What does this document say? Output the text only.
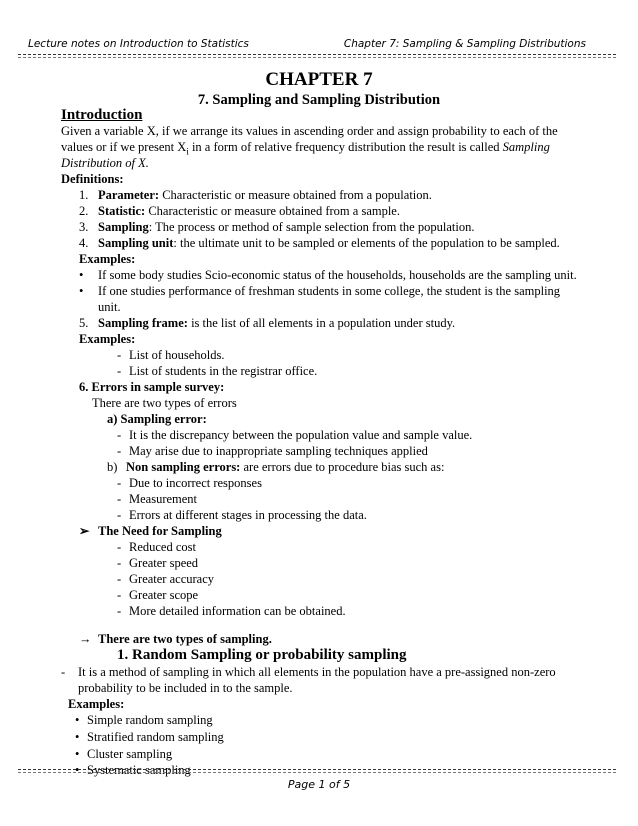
Lecture notes on Introduction to Statistics	Chapter 7: Sampling & Sampling Distributions
CHAPTER 7
7. Sampling and Sampling Distribution
Introduction
Given a variable X, if we arrange its values in ascending order and assign probability to each of the
values or if we present $X_i$ in a form of relative frequency distribution the result is called Sampling
Distribution of X.
Definitions:
1. Parameter: Characteristic or measure obtained from a population.
2. Statistic: Characteristic or measure obtained from a sample.
3. Sampling: The process or method of sample selection from the population.
4. Sampling unit: the ultimate unit to be sampled or elements of the population to be sampled.
Examples:
• If some body studies Scio-economic status of the households, households are the sampling unit.
• If one studies performance of freshman students in some college, the student is the sampling
unit.
5. Sampling frame: is the list of all elements in a population under study.
Examples:
- List of households.
- List of students in the registrar office.
6. Errors in sample survey:
There are two types of errors
a) Sampling error:
- It is the discrepancy between the population value and sample value.
- May arise due to inappropriate sampling techniques applied
b) Non sampling errors: are errors due to procedure bias such as:
- Due to incorrect responses
- Measurement
- Errors at different stages in processing the data.
➢ The Need for Sampling
- Reduced cost
- Greater speed
- Greater accuracy
- Greater scope
- More detailed information can be obtained.
→ There are two types of sampling.
1. Random Sampling or probability sampling
- It is a method of sampling in which all elements in the population have a pre-assigned non-zero
probability to be included in to the sample.
Examples:
• Simple random sampling
• Stratified random sampling
• Cluster sampling
• Systematic sampling
Page 1 of 5
